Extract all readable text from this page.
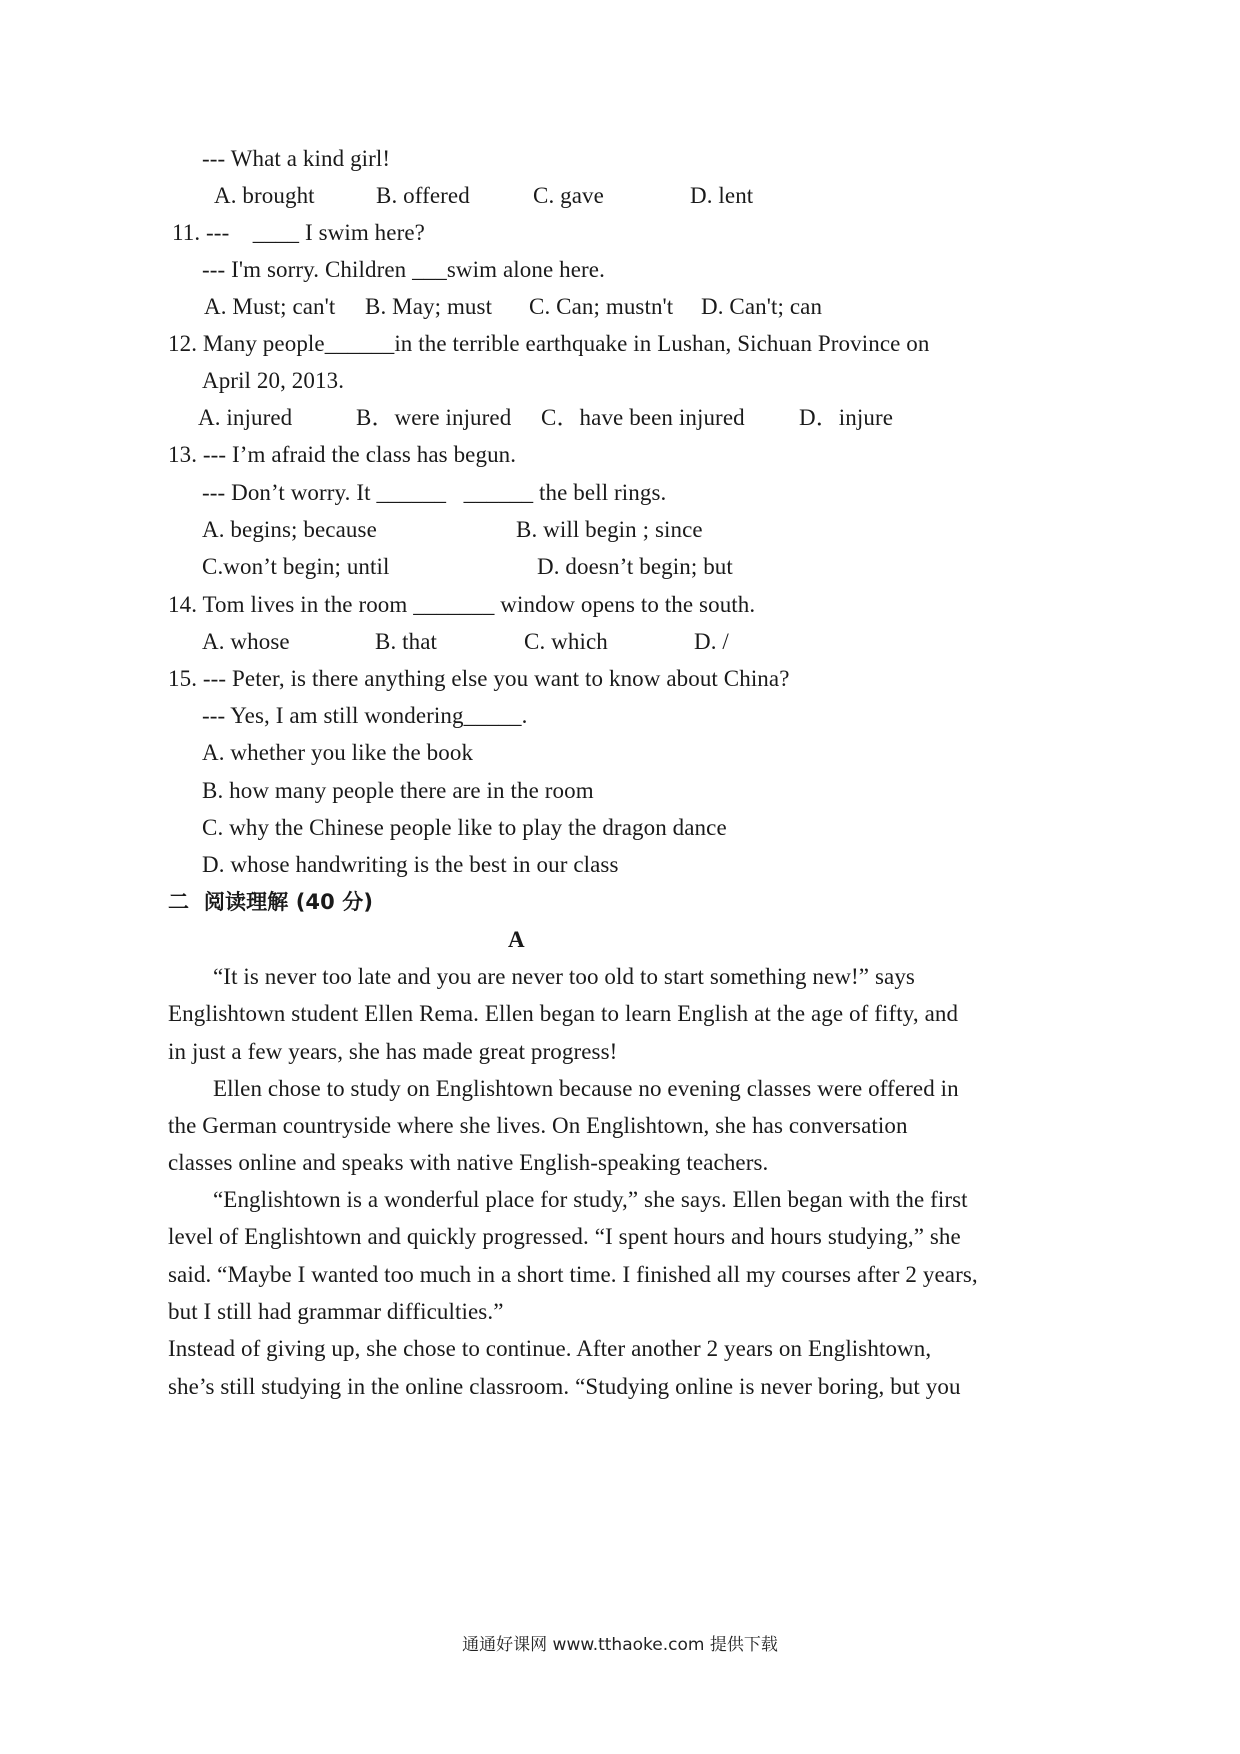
--- What a kind girl!
A. brought	B. offered	C. gave	D. lent
11. ---    ____ I swim here?
--- I'm sorry. Children ___swim alone here.
A. Must; can't B. May; must C. Can; mustn't D. Can't; can
12. Many people______in the terrible earthquake in Lushan, Sichuan Province on
April 20, 2013.
A. injured	B．were injured C．have been injured D．injure
13. --- I’m afraid the class has begun.
--- Don’t worry. It ______   ______ the bell rings.
A. begins; because	B. will begin ; since
C.won’t begin; until	D. doesn’t begin; but
14. Tom lives in the room _______ window opens to the south.
A. whose	B. that	C. which	D. /
15. --- Peter, is there anything else you want to know about China?
--- Yes, I am still wondering_____.
A. whether you like the book
B. how many people there are in the room
C. why the Chinese people like to play the dragon dance
D. whose handwriting is the best in our class
二  阅读理解 (40 分)
A
“It is never too late and you are never too old to start something new!” says
Englishtown student Ellen Rema. Ellen began to learn English at the age of fifty, and
in just a few years, she has made great progress!
Ellen chose to study on Englishtown because no evening classes were offered in
the German countryside where she lives. On Englishtown, she has conversation
classes online and speaks with native English-speaking teachers.
“Englishtown is a wonderful place for study,” she says. Ellen began with the first
level of Englishtown and quickly progressed. “I spent hours and hours studying,” she
said. “Maybe I wanted too much in a short time. I finished all my courses after 2 years,
but I still had grammar difficulties.”
Instead of giving up, she chose to continue. After another 2 years on Englishtown,
she’s still studying in the online classroom. “Studying online is never boring, but you
通通好课网 www.tthaoke.com 提供下载
